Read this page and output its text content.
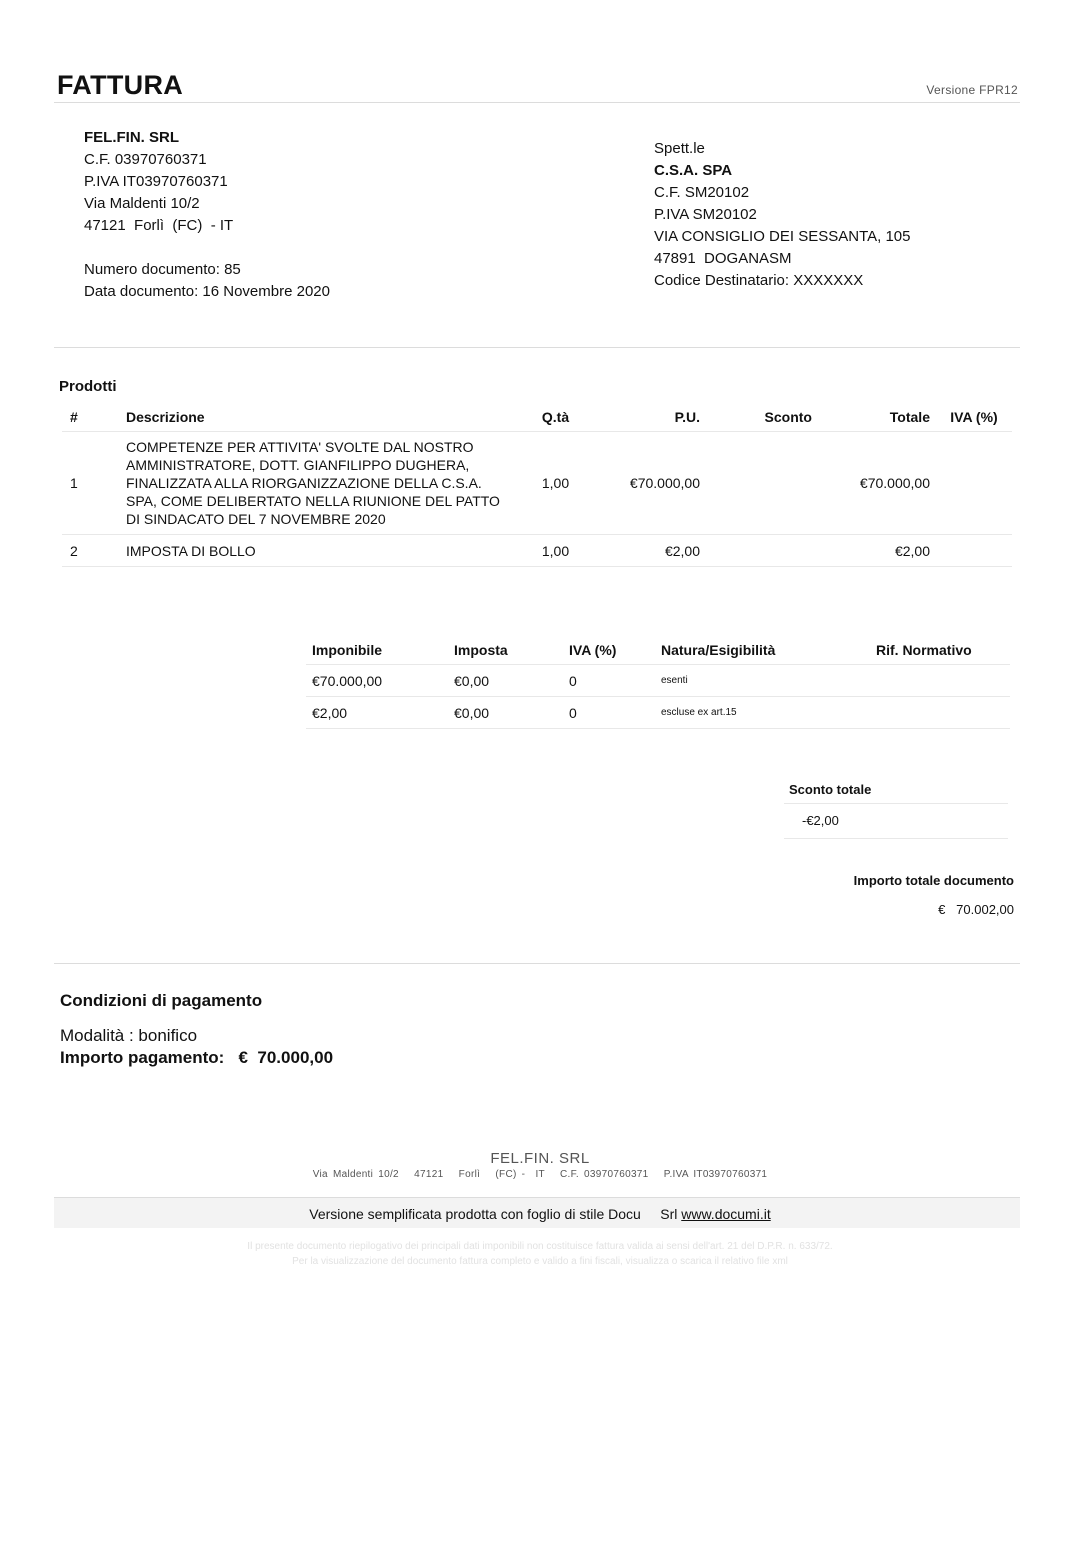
FATTURA	Versione FPR12
FEL.FIN. SRL
C.F. 03970760371
P.IVA IT03970760371
Via Maldenti 10/2
47121  Forlì  (FC)  - IT
Numero documento: 85
Data documento: 16 Novembre 2020
Spett.le
C.S.A. SPA
C.F. SM20102
P.IVA SM20102
VIA CONSIGLIO DEI SESSANTA, 105
47891  DOGANASM
Codice Destinatario: XXXXXXX
Prodotti
#	Descrizione	Q.tà	P.U.	Sconto	Totale	IVA (%)
1	COMPETENZE PER ATTIVITA' SVOLTE DAL NOSTRO AMMINISTRATORE, DOTT. GIANFILIPPO DUGHERA, FINALIZZATA ALLA RIORGANIZZAZIONE DELLA C.S.A. SPA, COME DELIBERTATO NELLA RIUNIONE DEL PATTO DI SINDACATO DEL 7 NOVEMBRE 2020	1,00	€70.000,00		€70.000,00	
2	IMPOSTA DI BOLLO	1,00	€2,00		€2,00	
Imponibile	Imposta	IVA (%)	Natura/Esigibilità	Rif. Normativo
€70.000,00	€0,00	0	esenti	
€2,00	€0,00	0	escluse ex art.15	
Sconto totale
-€2,00
Importo totale documento
€   70.002,00
Condizioni di pagamento
Modalità : bonifico
Importo pagamento:   €  70.000,00
FEL.FIN. SRL
Via Maldenti 10/2   47121   Forlì   (FC) -  IT   C.F. 03970760371   P.IVA IT03970760371
Versione semplificata prodotta con foglio di stile Docu     Srl www.documi.it
Il presente documento riepilogativo dei principali dati imponibili non costituisce fattura valida ai sensi dell'art. 21 del D.P.R. n. 633/72.
Per la visualizzazione del documento fattura completo e valido a fini fiscali, visualizza o scarica il relativo file xml
